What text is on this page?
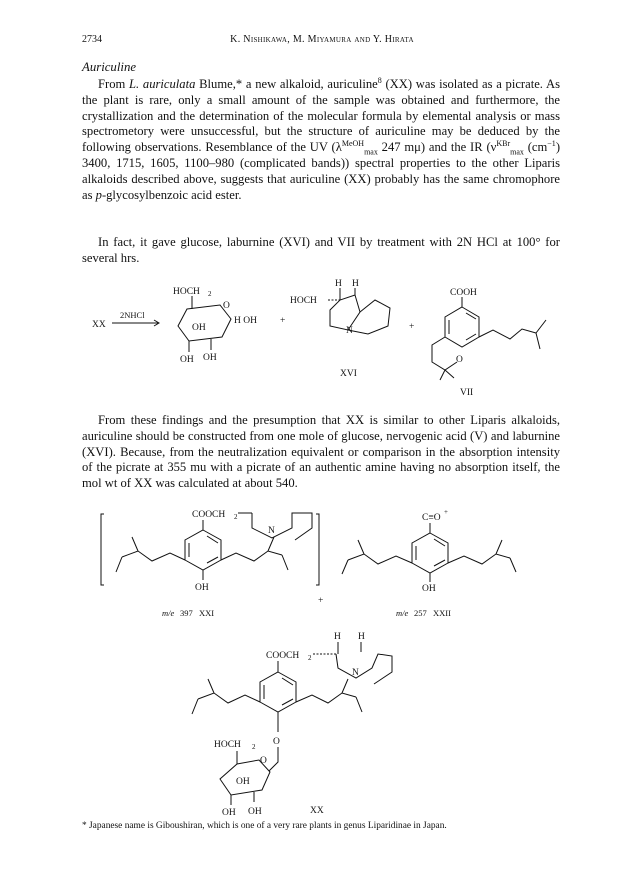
2734	K. Nishikawa, M. Miyamura and Y. Hirata
Auriculine

From L. auriculata Blume,* a new alkaloid, auriculine$^8$ (XX) was isolated as a picrate. As the plant is rare, only a small amount of the sample was obtained and furthermore, the crystallization and the determination of the molecular formula by elemental analysis or mass spectrometory were unsuccessful, but the structure of auriculine may be deduced by the following observations. Resemblance of the UV ($\lambda^{MeOH}_{max}$ 247 mμ) and the IR ($\nu^{KBr}_{max}$ $(cm^{-1})$ 3400, 1715, 1605, 1100–980 (complicated bands)) spectral properties to the other Liparis alkaloids described above, suggests that auriculine (XX) probably has the same chromophore as p-glycosylbenzoic acid ester.

In fact, it gave glucose, laburnine (XVI) and VII by treatment with 2N HCl at 100° for several hrs.

From these findings and the presumption that XX is similar to other Liparis alkaloids, auriculine should be constructed from one mole of glucose, nervogenic acid (V) and laburnine (XVI). Because, from the neutralization equivalent or comparison in the absorption intensity of the picrate at 355 mu with a picrate of an authentic amine having no absorption itself, the mol wt of XX was calculated at about 540.

XX
2NHCl
HOCH 2
O
OH
H OH
OH OH
+
HOCH
H H
N
XVI
+
COOH
O
VII
COOCH 2
OH
N
m/e 397 XXI
+
C≡O
+
OH
m/e 257 XXII
H H
COOCH 2
N
O
HOCH 2
O
OH
OH OH	XX
* Japanese name is Giboushiran, which is one of a very rare plants in genus Liparidinae in Japan.
